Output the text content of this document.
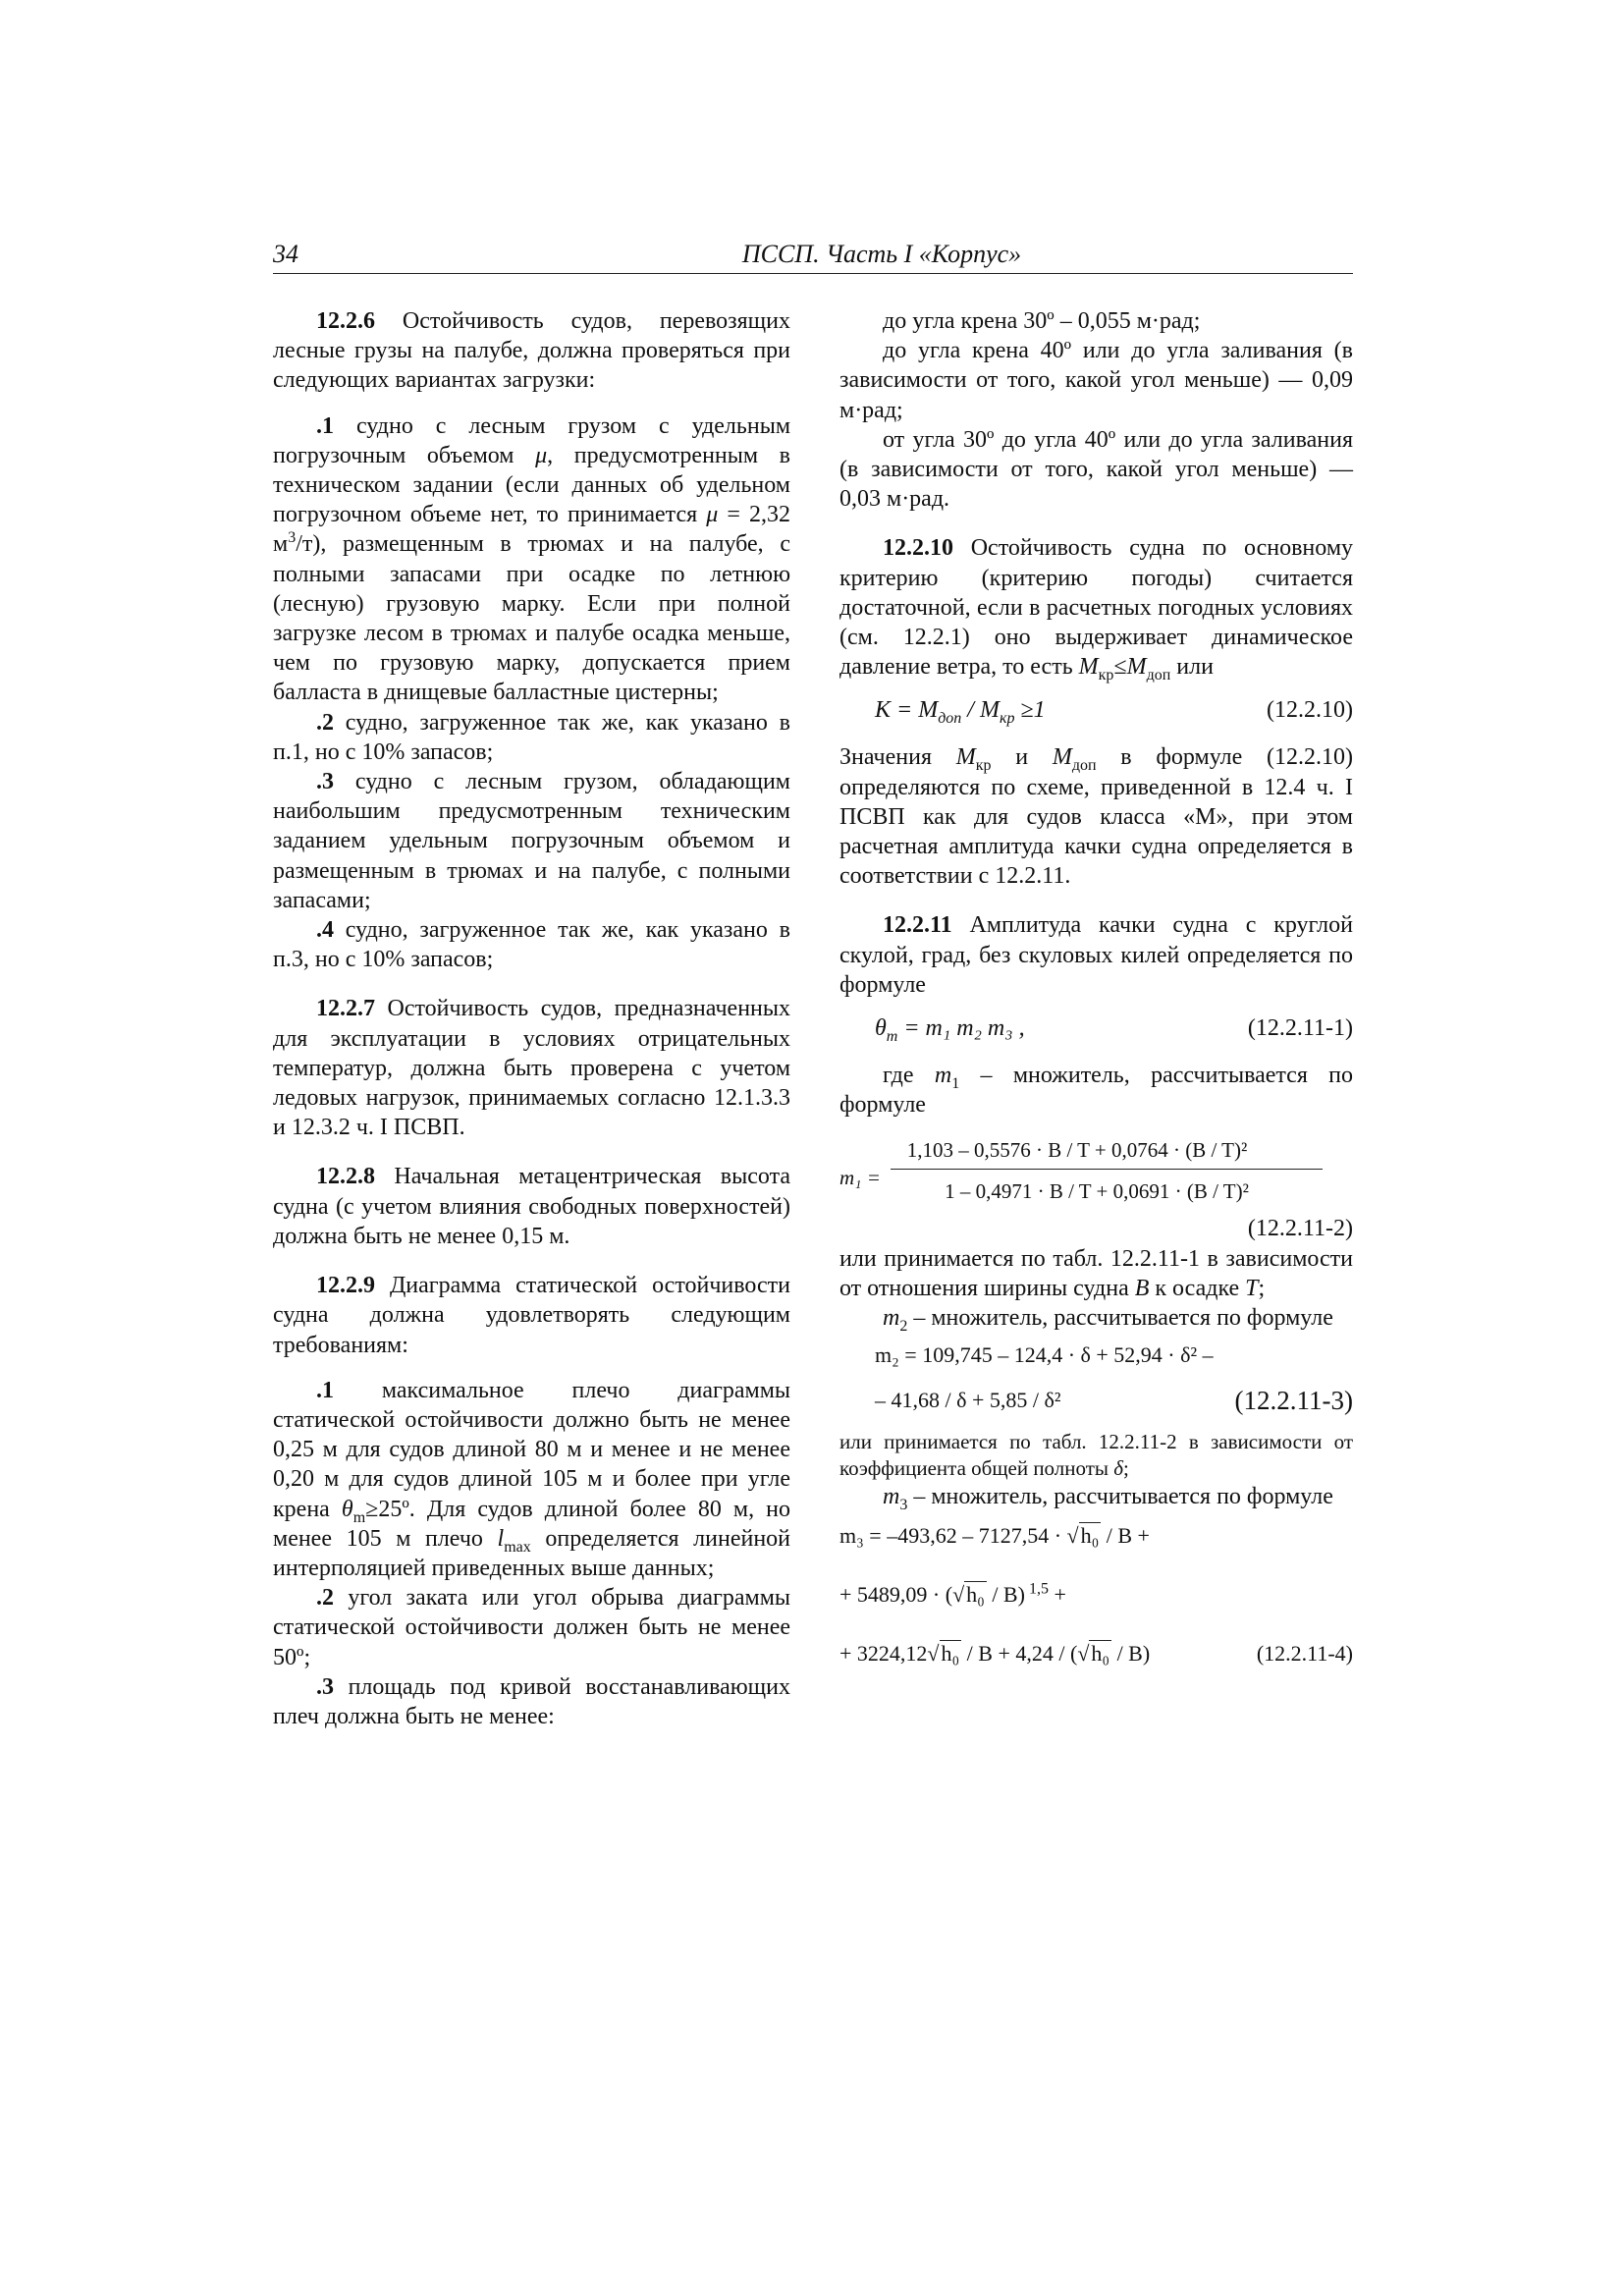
34	ПССП. Часть I «Корпус»

12.2.6 Остойчивость судов, перевозящих лесные грузы на палубе, должна проверяться при следующих вариантах загрузки:

.1 судно с лесным грузом с удельным погрузочным объемом μ, предусмотренным в техническом задании (если данных об удельном погрузочном объеме нет, то принимается μ = 2,32 $м^3/т$), размещенным в трюмах и на палубе, с полными запасами при осадке по летнюю (лесную) грузовую марку. Если при полной загрузке лесом в трюмах и палубе осадка меньше, чем по грузовую марку, допускается прием балласта в днищевые балластные цистерны;

.2 судно, загруженное так же, как указано в п.1, но с 10% запасов;

.3 судно с лесным грузом, обладающим наибольшим предусмотренным техническим заданием удельным погрузочным объемом и размещенным в трюмах и на палубе, с полными запасами;

.4 судно, загруженное так же, как указано в п.3, но с 10% запасов;

12.2.7 Остойчивость судов, предназначенных для эксплуатации в условиях отрицательных температур, должна быть проверена с учетом ледовых нагрузок, принимаемых согласно 12.1.3.3 и 12.3.2 ч. I ПСВП.

12.2.8 Начальная метацентрическая высота судна (с учетом влияния свободных поверхностей) должна быть не менее 0,15 м.

12.2.9 Диаграмма статической остойчивости судна должна удовлетворять следующим требованиям:

.1 максимальное плечо диаграммы статической остойчивости должно быть не менее 0,25 м для судов длиной 80 м и менее и не менее 0,20 м для судов длиной 105 м и более при угле крена $\theta_m\ge 25º$. Для судов длиной более 80 м, но менее 105 м плечо $l_{max}$ определяется линейной интерполяцией приведенных выше данных;

.2 угол заката или угол обрыва диаграммы статической остойчивости должен быть не менее 50º;

.3 площадь под кривой восстанавливающих плеч должна быть не менее:

до угла крена 30º – 0,055 м·рад;

до угла крена 40º или до угла заливания (в зависимости от того, какой угол меньше) — 0,09 м·рад;

от угла 30º до угла 40º или до угла заливания (в зависимости от того, какой угол меньше) — 0,03 м·рад.

12.2.10 Остойчивость судна по основному критерию (критерию погоды) считается достаточной, если в расчетных погодных условиях (см. 12.2.1) оно выдерживает динамическое давление ветра, то есть $M_{кр}\le M_{доп}$ или

$K = M_{доп} / M_{кр} \ge 1$	(12.2.10)

Значения $M_{кр}$ и $M_{доп}$ в формуле (12.2.10) определяются по схеме, приведенной в 12.4 ч. I ПСВП как для судов класса «М», при этом расчетная амплитуда качки судна определяется в соответствии с 12.2.11.

12.2.11 Амплитуда качки судна с круглой скулой, град, без скуловых килей определяется по формуле

$\theta_m = m_1$ m₂ m₃ ,	(12.2.11-1)

где $m_1$ – множитель, рассчитывается по формуле

m₁ =
1,103 – 0,5576 · B / T + 0,0764 · (B / T)²
1 – 0,4971 · B / T + 0,0691 · (B / T)²
(12.2.11-2)

или принимается по табл. 12.2.11-1 в зависимости от отношения ширины судна B к осадке T;

$m_2$ – множитель, рассчитывается по формуле

m₂ = 109,745 – 124,4 · δ + 52,94 · δ² –
– 41,68 / δ + 5,85 / δ²	(12.2.11-3)

или принимается по табл. 12.2.11-2 в зависимости от коэффициента общей полноты δ;

$m_3$ – множитель, рассчитывается по формуле

m₃ = –493,62 – 7127,54 · √h₀ / B +
+ 5489,09 · (√h₀ / B) $^{1,5}$ +
+ 3224,12√h₀ / B + 4,24 / (√h₀ / B)	(12.2.11-4)
